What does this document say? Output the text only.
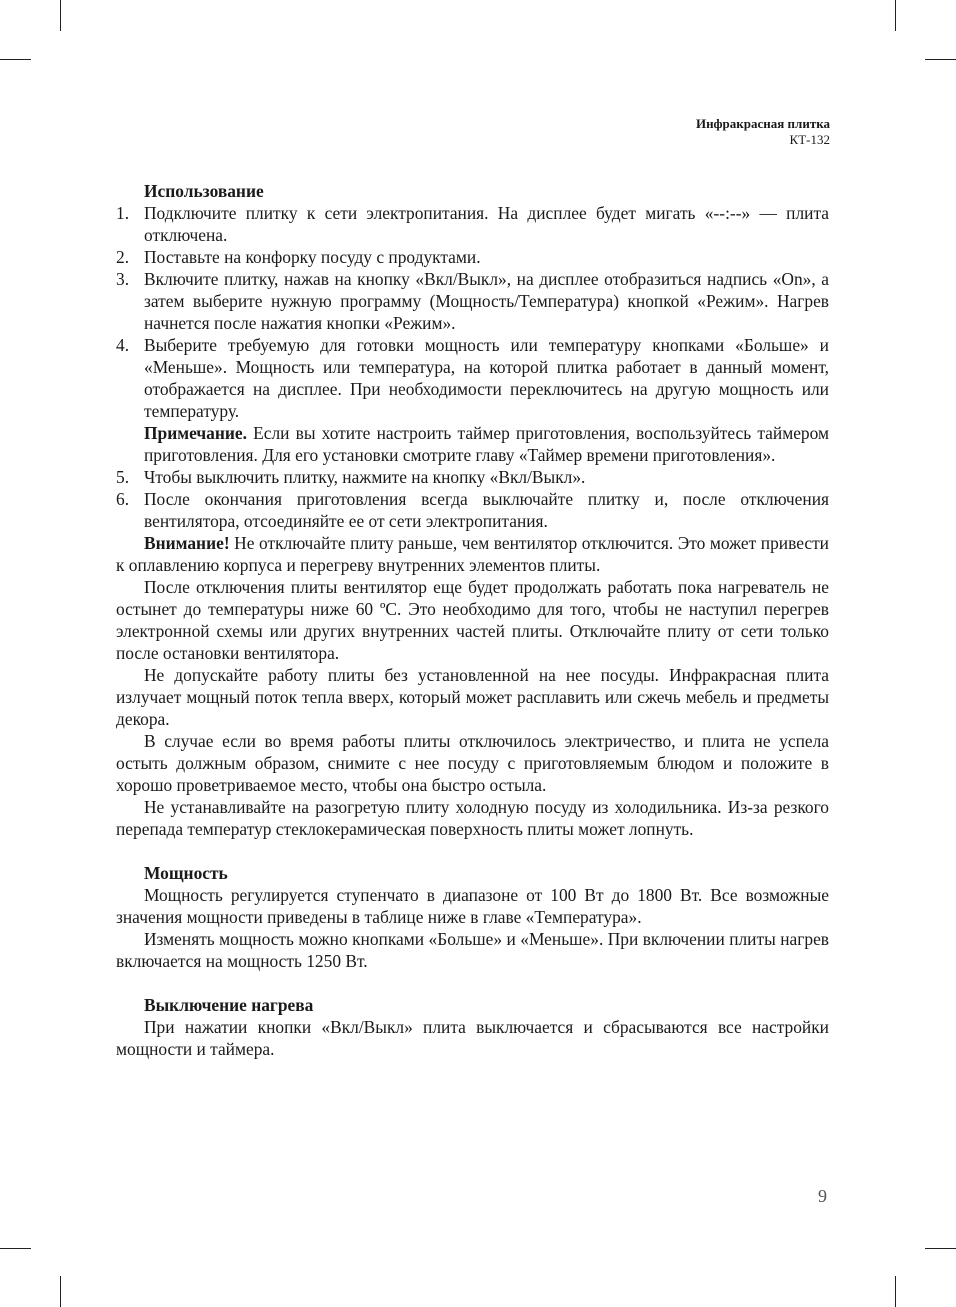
Инфракрасная плитка
КТ-132

Использование

1. Подключите плитку к сети электропитания. На дисплее будет мигать «--:--» — плита отключена.
2. Поставьте на конфорку посуду с продуктами.
3. Включите плитку, нажав на кнопку «Вкл/Выкл», на дисплее отобразиться надпись «On», а затем выберите нужную программу (Мощность/Температура) кнопкой «Режим». Нагрев начнется после нажатия кнопки «Режим».
4. Выберите требуемую для готовки мощность или температуру кнопками «Больше» и «Меньше». Мощность или температура, на которой плитка работает в данный момент, отображается на дисплее. При необходимости переключитесь на другую мощность или температуру.

Примечание. Если вы хотите настроить таймер приготовления, воспользуйтесь таймером приготовления. Для его установки смотрите главу «Таймер времени приготовления».

5. Чтобы выключить плитку, нажмите на кнопку «Вкл/Выкл».
6. После окончания приготовления всегда выключайте плитку и, после отключения вентилятора, отсоединяйте ее от сети электропитания.

Внимание! Не отключайте плиту раньше, чем вентилятор отключится. Это может привести к оплавлению корпуса и перегреву внутренних элементов плиты.

После отключения плиты вентилятор еще будет продолжать работать пока нагреватель не остынет до температуры ниже 60 ºС. Это необходимо для того, чтобы не наступил перегрев электронной схемы или других внутренних частей плиты. Отключайте плиту от сети только после остановки вентилятора.

Не допускайте работу плиты без установленной на нее посуды. Инфракрасная плита излучает мощный поток тепла вверх, который может расплавить или сжечь мебель и предметы декора.

В случае если во время работы плиты отключилось электричество, и плита не успела остыть должным образом, снимите с нее посуду с приготовляемым блюдом и положите в хорошо проветриваемое место, чтобы она быстро остыла.

Не устанавливайте на разогретую плиту холодную посуду из холодильника. Из-за резкого перепада температур стеклокерамическая поверхность плиты может лопнуть.

Мощность

Мощность регулируется ступенчато в диапазоне от 100 Вт до 1800 Вт. Все возможные значения мощности приведены в таблице ниже в главе «Температура».

Изменять мощность можно кнопками «Больше» и «Меньше». При включении плиты нагрев включается на мощность 1250 Вт.

Выключение нагрева

При нажатии кнопки «Вкл/Выкл» плита выключается и сбрасываются все настройки мощности и таймера.

9
